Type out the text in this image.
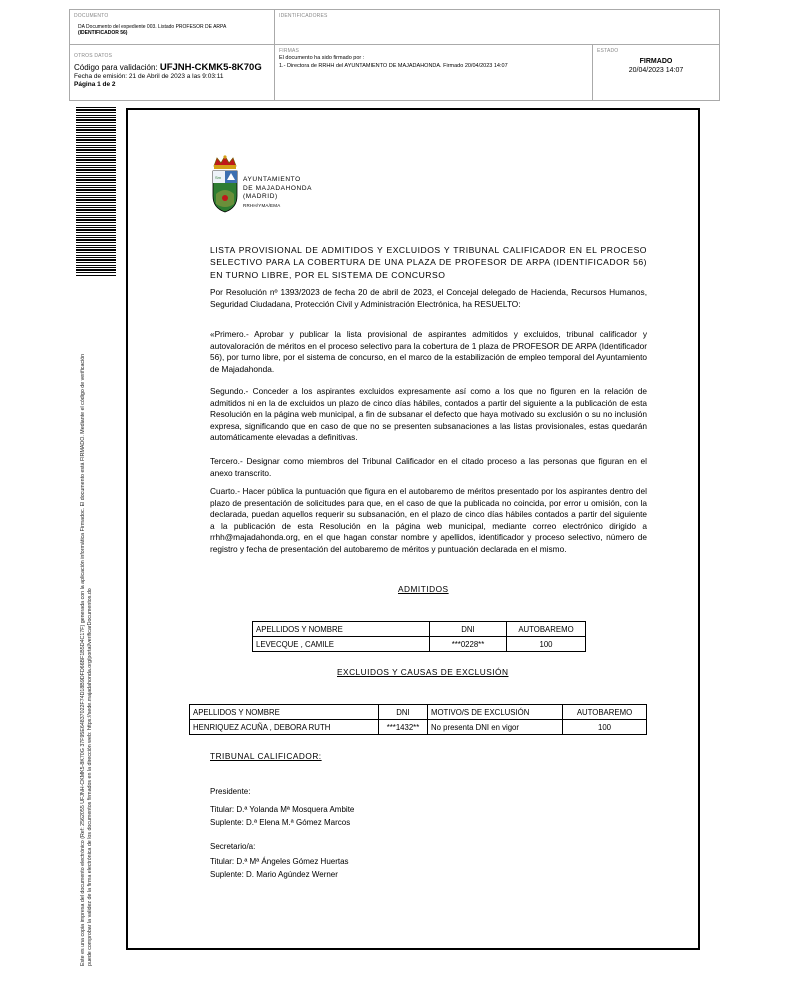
DOCUMENTO
DA Documento del expediente 003. Listado PROFESOR DE ARPA
(IDENTIFICADOR 56)
IDENTIFICADORES
OTROS DATOS
Código para validación: UFJNH-CKMK5-8K70G
Fecha de emisión: 21 de Abril de 2023 a las 9:03:11
Página 1 de 2
FIRMAS
El documento ha sido firmado por :
1.- Directora de RRHH del AYUNTAMIENTO DE MAJADAHONDA. Firmado 20/04/2023 14:07
ESTADO
FIRMADO
20/04/2023 14:07
Este es una copia impresa del documento electrónico (Ref: 2562055 UFJNH-CKMK5-8K70G 37F95E64837022F74D18B9DFD66BF1B5D4C17F) generada con la aplicación informática Firmadoc. El documento está FIRMADO. Mediante el código de verificación puede comprobar la validez de la firma electrónica de los documentos firmados en la dirección web: https://sede.majadahonda.org/portal/verificarDocumentos.do
Sm	AYUNTAMIENTO
DE MAJADAHONDA
(MADRID)
RRHH/YMA/EMA
LISTA PROVISIONAL DE ADMITIDOS Y EXCLUIDOS Y TRIBUNAL CALIFICADOR EN EL PROCESO SELECTIVO PARA LA COBERTURA DE UNA PLAZA DE PROFESOR DE ARPA (IDENTIFICADOR 56) EN TURNO LIBRE, POR EL SISTEMA DE CONCURSO
Por Resolución nº 1393/2023 de fecha 20 de abril de 2023, el Concejal delegado de Hacienda, Recursos Humanos, Seguridad Ciudadana, Protección Civil y Administración Electrónica, ha RESUELTO:
«Primero.- Aprobar y publicar la lista provisional de aspirantes admitidos y excluidos, tribunal calificador y autovaloración de méritos en el proceso selectivo para la cobertura de 1 plaza de PROFESOR DE ARPA (Identificador 56), por turno libre, por el sistema de concurso, en el marco de la estabilización de empleo temporal del Ayuntamiento de Majadahonda.
Segundo.- Conceder a los aspirantes excluidos expresamente así como a los que no figuren en la relación de admitidos ni en la de excluidos un plazo de cinco días hábiles, contados a partir del siguiente a la publicación de esta Resolución en la página web municipal, a fin de subsanar el defecto que haya motivado su exclusión o su no inclusión expresa, significando que en caso de que no se presenten subsanaciones a las listas provisionales, estas quedarán automáticamente elevadas a definitivas.
Tercero.- Designar como miembros del Tribunal Calificador en el citado proceso a las personas que figuran en el anexo transcrito.
Cuarto.- Hacer pública la puntuación que figura en el autobaremo de méritos presentado por los aspirantes dentro del plazo de presentación de solicitudes para que, en el caso de que la publicada no coincida, por error u omisión, con la declarada, puedan aquellos requerir su subsanación, en el plazo de cinco días hábiles contados a partir del siguiente a la publicación de esta Resolución en la página web municipal, mediante correo electrónico dirigido a rrhh@majadahonda.org, en el que hagan constar nombre y apellidos, identificador y proceso selectivo, número de registro y fecha de presentación del autobaremo de méritos y puntuación declarada en el mismo.
ADMITIDOS
APELLIDOS Y NOMBRE	DNI	AUTOBAREMO
LEVECQUE , CAMILE	***0228**	100
EXCLUIDOS Y CAUSAS DE EXCLUSIÓN
APELLIDOS Y NOMBRE	DNI	MOTIVO/S DE EXCLUSIÓN	AUTOBAREMO
HENRIQUEZ ACUÑA , DEBORA RUTH	***1432**	No presenta DNI en vigor	100
TRIBUNAL CALIFICADOR:
Presidente:
Titular: D.ª Yolanda Mª Mosquera Ambite
Suplente: D.ª Elena M.ª Gómez Marcos
Secretario/a:
Titular: D.ª Mª Ángeles Gómez Huertas
Suplente: D. Mario Agúndez Werner
